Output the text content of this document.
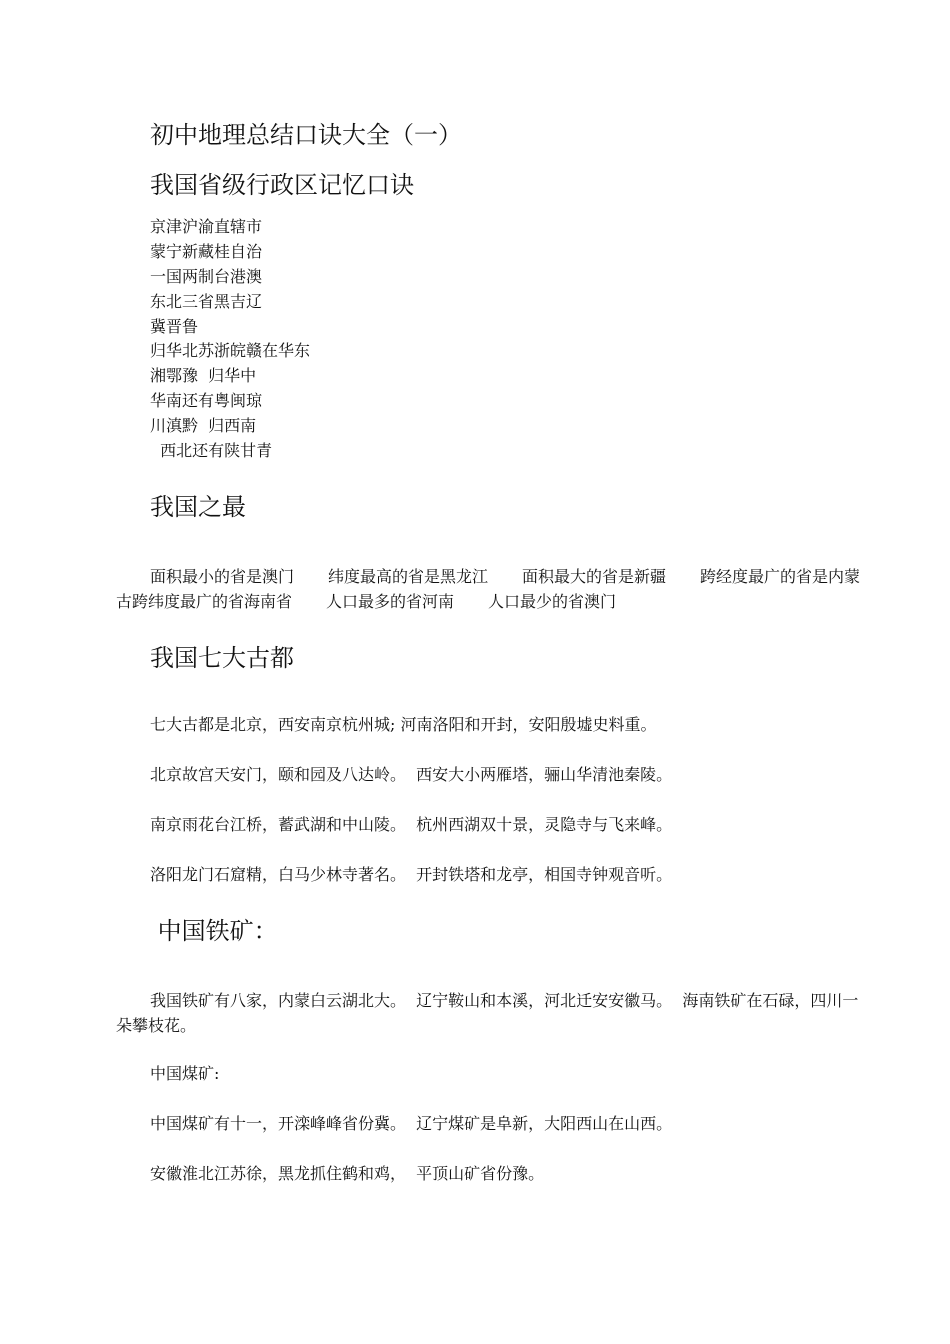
初中地理总结口诀大全（一）
我国省级行政区记忆口诀
京津沪渝直辖市
蒙宁新藏桂自治
一国两制台港澳
东北三省黑吉辽
冀晋鲁
归华北苏浙皖赣在华东
湘鄂豫  归华中
华南还有粤闽琼
川滇黔  归西南
西北还有陕甘青
我国之最
面积最小的省是澳门 纬度最高的省是黑龙江 面积最大的省是新疆 跨经度最广的省是内蒙古跨纬度最广的省海南省 人口最多的省河南 人口最少的省澳门
我国七大古都
七大古都是北京，西安南京杭州城; 河南洛阳和开封，安阳殷墟史料重。
北京故宫天安门，颐和园及八达岭。  西安大小两雁塔，骊山华清池秦陵。
南京雨花台江桥，蓄武湖和中山陵。  杭州西湖双十景，灵隐寺与飞来峰。
洛阳龙门石窟精，白马少林寺著名。  开封铁塔和龙亭，相国寺钟观音听。
中国铁矿：
我国铁矿有八家，内蒙白云湖北大。  辽宁鞍山和本溪，河北迁安安徽马。  海南铁矿在石碌，四川一朵攀枝花。
中国煤矿:
中国煤矿有十一，开滦峰峰省份冀。  辽宁煤矿是阜新，大阳西山在山西。
安徽淮北江苏徐，黑龙抓住鹤和鸡，  平顶山矿省份豫。
